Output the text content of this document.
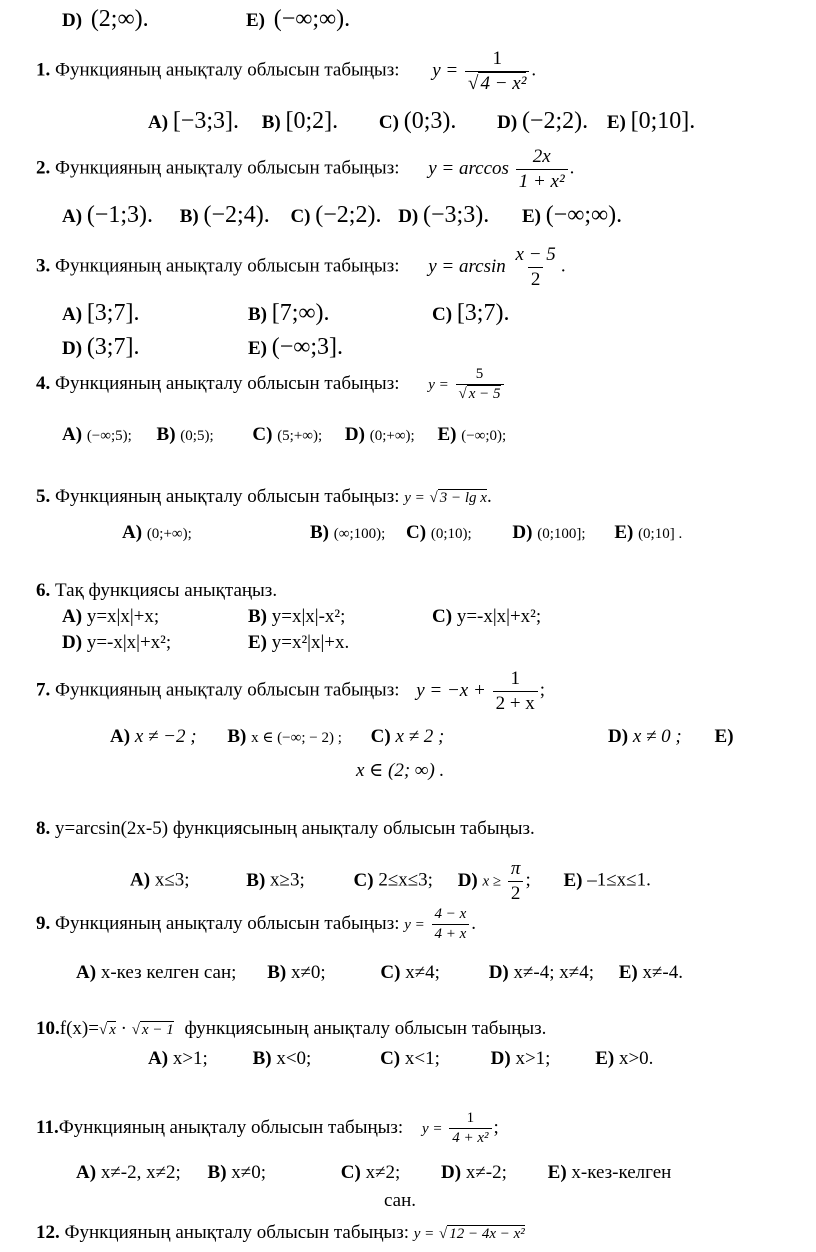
D) (2;∞).	E) (−∞;∞).
1. Функцияның анықталу облысын табыңыз: $y = \frac{1}{\text{√ 4 − x²}}$ .
A) [−3;3]. B) [0;2]. C) (0;3). D) (−2;2). E) [0;10].
2. Функцияның анықталу облысын табыңыз: $y = \arccos \frac{2x}{\text{1 + x²}}$ .
A) (−1;3). B) (−2;4). C) (−2;2). D) (−3;3). E) (−∞;∞).
3. Функцияның анықталу облысын табыңыз: $y = \arcsin \frac{x - 5}{2}$ .
A) [3;7].	B) [7;∞).	C) [3;7).
D) (3;7].	E) (−∞;3].
4. Функцияның анықталу облысын табыңыз: $y = \frac{5}{√ x - 5}$
A) (−∞;5); B) (0;5); C) (5;+∞); D) (0;+∞); E) (−∞;0);
5. Функцияның анықталу облысын табыңыз: y = √ 3 − lg x.
A) (0;+∞);	B) (∞;100); C) (0;10); D) (0;100]; E) (0;10] .
6. Тақ функциясы анықтаңыз.
A) y=x|x|+x;	B) y=x|x|-x²;	C) y=-x|x|+x²;
D) y=-x|x|+x²;	E) y=x²|x|+x.
7. Функцияның анықталу облысын табыңыз: $y = -x + \frac{1}{2 + x}$ ;
A) x ≠ −2 ; B) x ∈ (−∞; − 2) ; C) x ≠ 2 ;	D) x ≠ 0 ; E)
x ∈ (2; ∞) .
8. y=arcsin(2x-5) функциясының анықталу облысын табыңыз.
A) x≤3;	B) x≥3;	C) 2≤x≤3; D) $x \ge \frac{\pi}{2}$ ; E) –1≤x≤1.
9. Функцияның анықталу облысын табыңыз: $y = \frac{4 - x}{4 + x}$ .
A) x-кез келген сан; B) x≠0;	C) x≠4;	D) x≠-4; x≠4; E) x≠-4.
10.f(x)=√ x · √ x − 1 функциясының анықталу облысын табыңыз.
A) x>1; B) x<0;	C) x<1;	D) x>1; E) x>0.
11.Функцияның анықталу облысын табыңыз: $y = \frac{1}{\text{4 + x²}}$ ;
A) x≠-2, x≠2; B) x≠0;	C) x≠2; D) x≠-2; E) x-кез-келген
сан.
12. Функцияның анықталу облысын табыңыз: y = √ 12 − 4x − x²
